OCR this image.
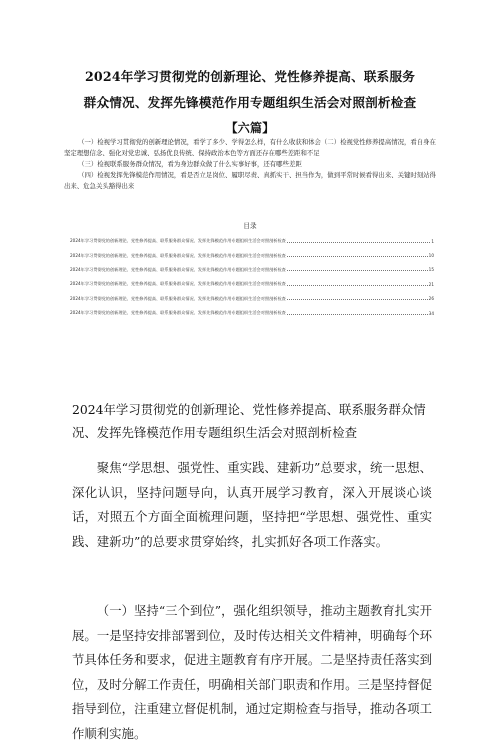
2024年学习贯彻党的创新理论、党性修养提高、联系服务
群众情况、发挥先锋模范作用专题组织生活会对照剖析检查
【六篇】

（一）检视学习贯彻党的创新理论情况，看学了多少、学得怎么样，有什么收获和体会（二）检视党性修养提高情况，看自身在坚定理想信念、强化对党忠诚、弘扬优良传统、保持政治本色等方面还存在哪些差距和不足

（三）检视联系服务群众情况，看为身边群众做了什么实事好事，还有哪些差距

（四）检视发挥先锋模范作用情况，看是否立足岗位、履职尽责、真抓实干、担当作为，做到平常时候看得出来、关键时刻站得出来、危急关头豁得出来

目录
2024年学习贯彻党的创新理论、党性修养提高、联系服务群众情况、发挥先锋模范作用专题组织生活会对照剖析检查	1
2024年学习贯彻党的创新理论、党性修养提高、联系服务群众情况、发挥先锋模范作用专题组织生活会对照剖析检查	10
2024年学习贯彻党的创新理论、党性修养提高、联系服务群众情况、发挥先锋模范作用专题组织生活会对照剖析检查	15
2024年学习贯彻党的创新理论、党性修养提高、联系服务群众情况、发挥先锋模范作用专题组织生活会对照剖析检查	21
2024年学习贯彻党的创新理论、党性修养提高、联系服务群众情况、发挥先锋模范作用专题组织生活会对照剖析检查	26
2024年学习贯彻党的创新理论、党性修养提高、联系服务群众情况、发挥先锋模范作用专题组织生活会对照剖析检查	34
2024年学习贯彻党的创新理论、党性修养提高、联系服务群众情况、发挥先锋模范作用专题组织生活会对照剖析检查
聚焦“学思想、强党性、重实践、建新功”总要求，统一思想、深化认识，坚持问题导向，认真开展学习教育，深入开展谈心谈话，对照五个方面全面梳理问题，坚持把“学思想、强党性、重实践、建新功”的总要求贯穿始终，扎实抓好各项工作落实。
（一）坚持“三个到位”，强化组织领导，推动主题教育扎实开展。一是坚持安排部署到位，及时传达相关文件精神，明确每个环节具体任务和要求，促进主题教育有序开展。二是坚持责任落实到位，及时分解工作责任，明确相关部门职责和作用。三是坚持督促指导到位，注重建立督促机制，通过定期检查与指导，推动各项工作顺利实施。
